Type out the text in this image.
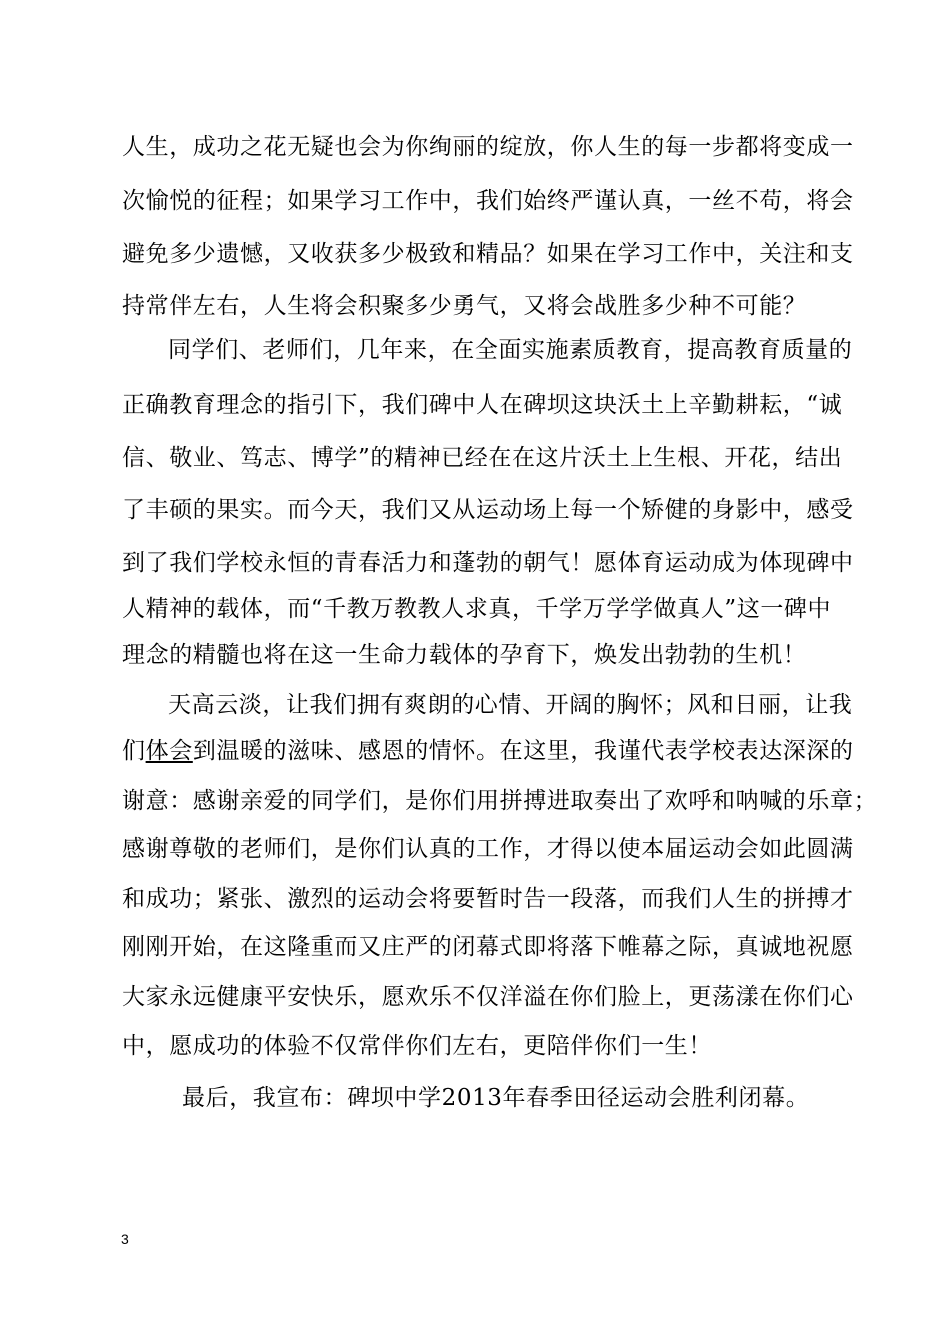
人生，成功之花无疑也会为你绚丽的绽放，你人生的每一步都将变成一
次愉悦的征程；如果学习工作中，我们始终严谨认真，一丝不苟，将会
避免多少遗憾，又收获多少极致和精品？如果在学习工作中，关注和支
持常伴左右，人生将会积聚多少勇气，又将会战胜多少种不可能？
同学们、老师们，几年来，在全面实施素质教育，提高教育质量的
正确教育理念的指引下，我们碑中人在碑坝这块沃土上辛勤耕耘，“诚
信、敬业、笃志、博学”的精神已经在在这片沃土上生根、开花，结出
了丰硕的果实。而今天，我们又从运动场上每一个矫健的身影中，感受
到了我们学校永恒的青春活力和蓬勃的朝气！愿体育运动成为体现碑中
人精神的载体，而“千教万教教人求真，千学万学学做真人”这一碑中
理念的精髓也将在这一生命力载体的孕育下，焕发出勃勃的生机！
天高云淡，让我们拥有爽朗的心情、开阔的胸怀；风和日丽，让我
们体会到温暖的滋味、感恩的情怀。在这里，我谨代表学校表达深深的
谢意：感谢亲爱的同学们，是你们用拼搏进取奏出了欢呼和呐喊的乐章；
感谢尊敬的老师们，是你们认真的工作，才得以使本届运动会如此圆满
和成功；紧张、激烈的运动会将要暂时告一段落，而我们人生的拼搏才
刚刚开始，在这隆重而又庄严的闭幕式即将落下帷幕之际，真诚地祝愿
大家永远健康平安快乐，愿欢乐不仅洋溢在你们脸上，更荡漾在你们心
中，愿成功的体验不仅常伴你们左右，更陪伴你们一生！
最后，我宣布：碑坝中学2013年春季田径运动会胜利闭幕。
3
